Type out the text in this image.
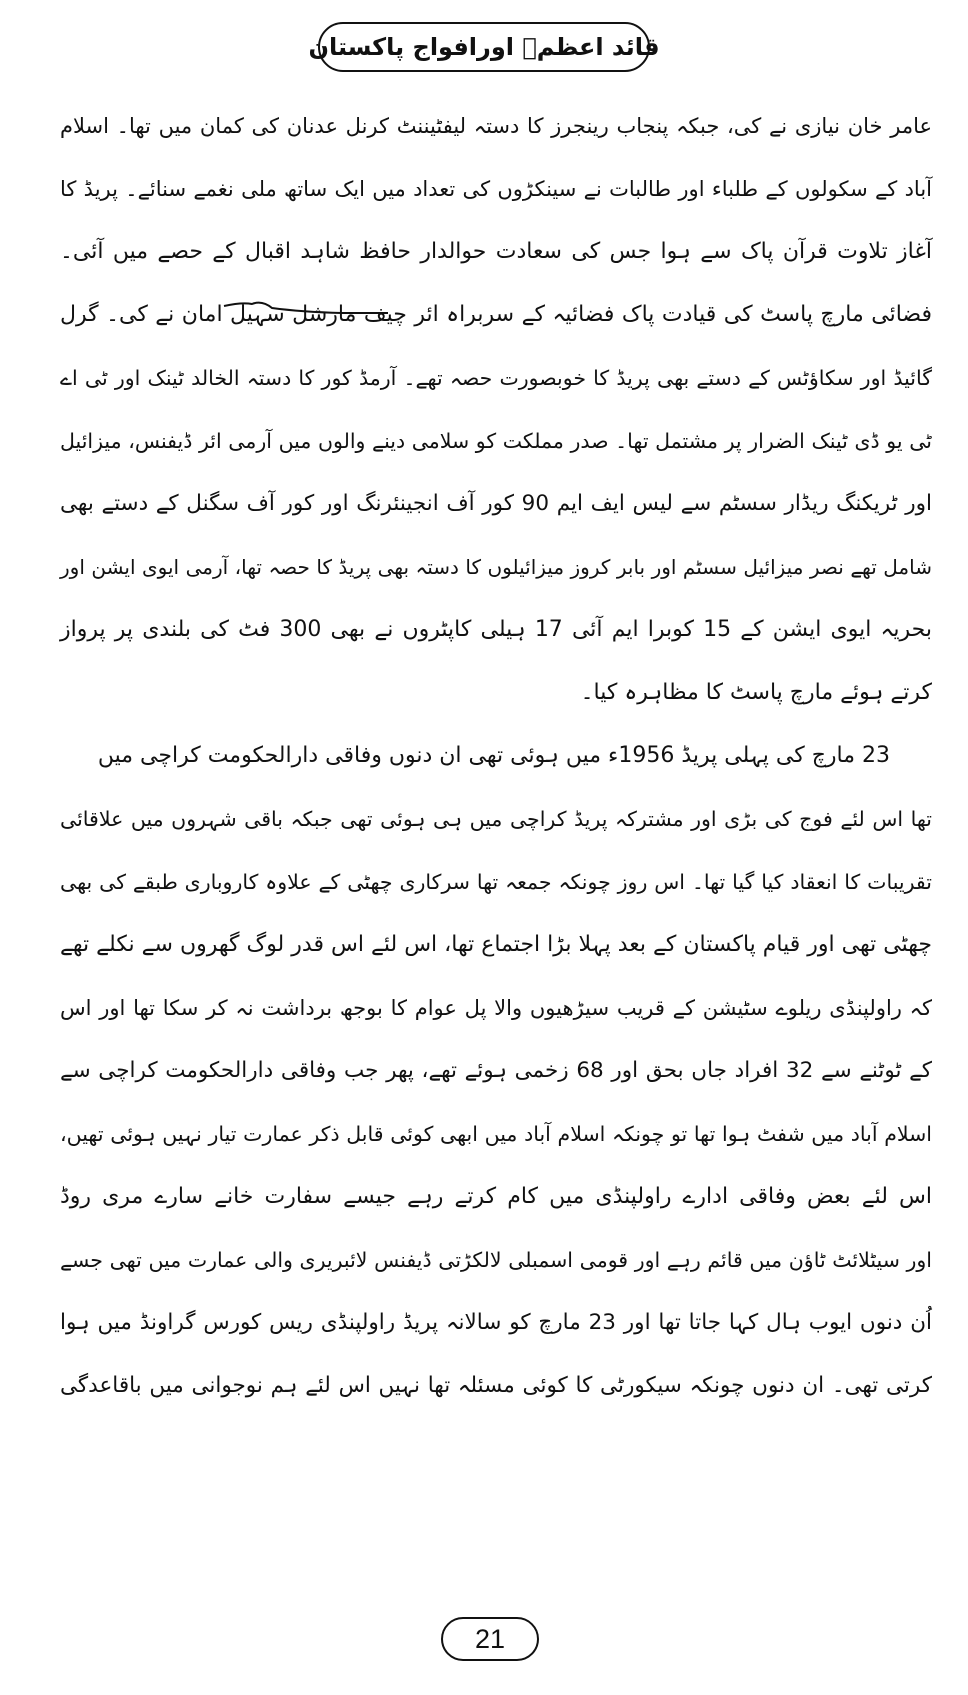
قائد اعظمؒ اورافواج پاکستان
عامر خان نیازی نے کی، جبکہ پنجاب رینجرز کا دستہ لیفٹیننٹ کرنل عدنان کی کمان میں تھا۔ اسلام
آباد کے سکولوں کے طلباء اور طالبات نے سینکڑوں کی تعداد میں ایک ساتھ ملی نغمے سنائے۔ پریڈ کا
آغاز تلاوت قرآن پاک سے ہوا جس کی سعادت حوالدار حافظ شاہد اقبال کے حصے میں آئی۔
فضائی مارچ پاسٹ کی قیادت پاک فضائیہ کے سربراہ ائر چیف مارشل سہیل امان نے کی۔ گرل
گائیڈ اور سکاؤٹس کے دستے بھی پریڈ کا خوبصورت حصہ تھے۔ آرمڈ کور کا دستہ الخالد ٹینک اور ٹی اے
ٹی یو ڈی ٹینک الضرار پر مشتمل تھا۔ صدر مملکت کو سلامی دینے والوں میں آرمی ائر ڈیفنس، میزائیل
اور ٹریکنگ ریڈار سسٹم سے لیس ایف ایم 90 کور آف انجینئرنگ اور کور آف سگنل کے دستے بھی
شامل تھے نصر میزائیل سسٹم اور بابر کروز میزائیلوں کا دستہ بھی پریڈ کا حصہ تھا، آرمی ایوی ایشن اور
بحریہ ایوی ایشن کے 15 کوبرا ایم آئی 17 ہیلی کاپٹروں نے بھی 300 فٹ کی بلندی پر پرواز
کرتے ہوئے مارچ پاسٹ کا مظاہرہ کیا۔
23 مارچ کی پہلی پریڈ 1956ء میں ہوئی تھی ان دنوں وفاقی دارالحکومت کراچی میں
تھا اس لئے فوج کی بڑی اور مشترکہ پریڈ کراچی میں ہی ہوئی تھی جبکہ باقی شہروں میں علاقائی
تقریبات کا انعقاد کیا گیا تھا۔ اس روز چونکہ جمعہ تھا سرکاری چھٹی کے علاوہ کاروباری طبقے کی بھی
چھٹی تھی اور قیام پاکستان کے بعد پہلا بڑا اجتماع تھا، اس لئے اس قدر لوگ گھروں سے نکلے تھے
کہ راولپنڈی ریلوے سٹیشن کے قریب سیڑھیوں والا پل عوام کا بوجھ برداشت نہ کر سکا تھا اور اس
کے ٹوٹنے سے 32 افراد جاں بحق اور 68 زخمی ہوئے تھے، پھر جب وفاقی دارالحکومت کراچی سے
اسلام آباد میں شفٹ ہوا تھا تو چونکہ اسلام آباد میں ابھی کوئی قابل ذکر عمارت تیار نہیں ہوئی تھیں،
اس لئے بعض وفاقی ادارے راولپنڈی میں کام کرتے رہے جیسے سفارت خانے سارے مری روڈ
اور سیٹلائٹ ٹاؤن میں قائم رہے اور قومی اسمبلی لالکڑتی ڈیفنس لائبریری والی عمارت میں تھی جسے
اُن دنوں ایوب ہال کہا جاتا تھا اور 23 مارچ کو سالانہ پریڈ راولپنڈی ریس کورس گراونڈ میں ہوا
کرتی تھی۔ ان دنوں چونکہ سیکورٹی کا کوئی مسئلہ تھا نہیں اس لئے ہم نوجوانی میں باقاعدگی
21
